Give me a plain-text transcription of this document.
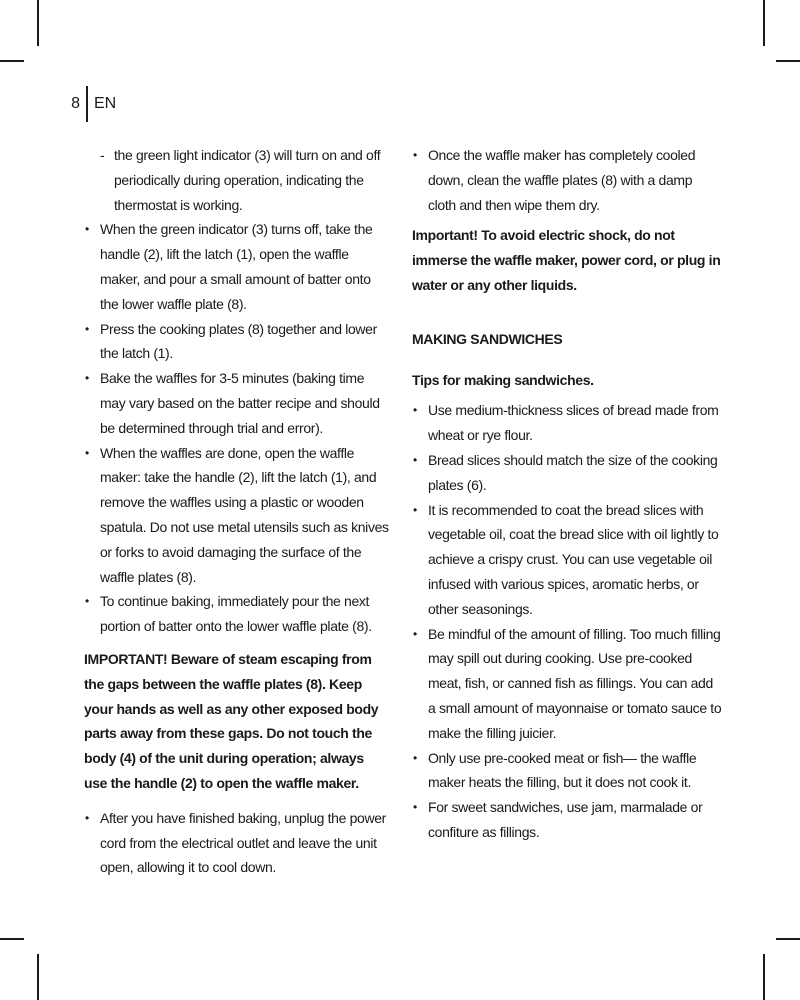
8 EN
- the green light indicator (3) will turn on and off periodically during operation, indicating the thermostat is working.
• When the green indicator (3) turns off, take the handle (2), lift the latch (1), open the waffle maker, and pour a small amount of batter onto the lower waffle plate (8).
• Press the cooking plates (8) together and lower the latch (1).
• Bake the waffles for 3-5 minutes (baking time may vary based on the batter recipe and should be determined through trial and error).
• When the waffles are done, open the waffle maker: take the handle (2), lift the latch (1), and remove the waffles using a plastic or wooden spatula. Do not use metal utensils such as knives or forks to avoid damaging the surface of the waffle plates (8).
• To continue baking, immediately pour the next portion of batter onto the lower waffle plate (8).

IMPORTANT! Beware of steam escaping from the gaps between the waffle plates (8). Keep your hands as well as any other exposed body parts away from these gaps. Do not touch the body (4) of the unit during operation; always use the handle (2) to open the waffle maker.

• After you have finished baking, unplug the power cord from the electrical outlet and leave the unit open, allowing it to cool down.
• Once the waffle maker has completely cooled down, clean the waffle plates (8) with a damp cloth and then wipe them dry.

Important! To avoid electric shock, do not immerse the waffle maker, power cord, or plug in water or any other liquids.

MAKING SANDWICHES

Tips for making sandwiches.

• Use medium-thickness slices of bread made from wheat or rye flour.
• Bread slices should match the size of the cooking plates (6).
• It is recommended to coat the bread slices with vegetable oil, coat the bread slice with oil lightly to achieve a crispy crust. You can use vegetable oil infused with various spices, aromatic herbs, or other seasonings.
• Be mindful of the amount of filling. Too much filling may spill out during cooking. Use pre-cooked meat, fish, or canned fish as fillings. You can add a small amount of mayonnaise or tomato sauce to make the filling juicier.
• Only use pre-cooked meat or fish— the waffle maker heats the filling, but it does not cook it.
• For sweet sandwiches, use jam, marmalade or confiture as fillings.
